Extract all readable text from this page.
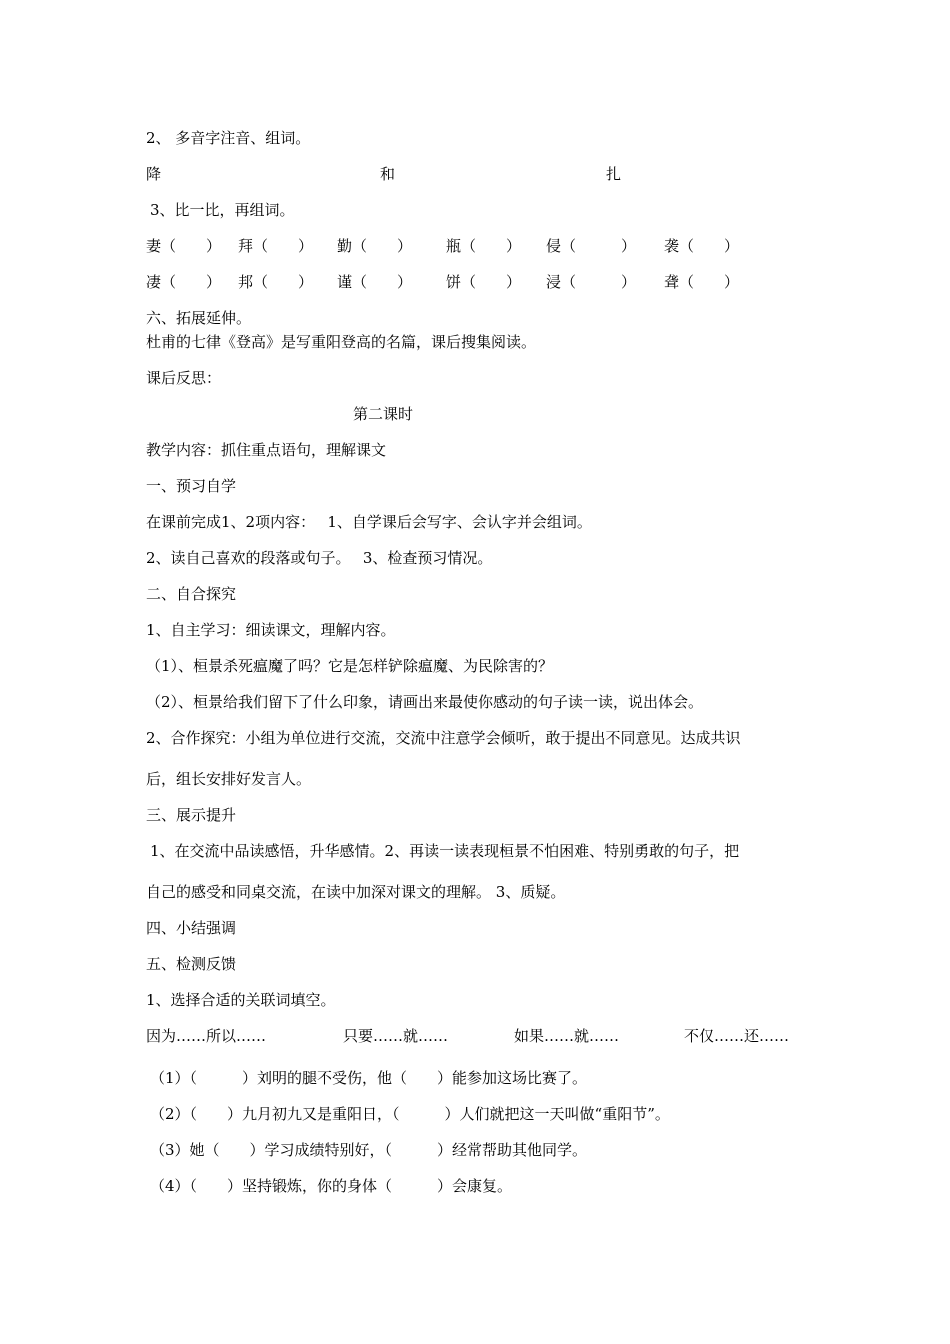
2、 多音字注音、组词。
降	和	扎
3、比一比，再组词。
妻（　　） 拜（　　） 勤（　　） 瓶（　　） 侵（　　　） 袭（　　）
凄（　　） 邦（　　） 谨（　　） 饼（　　） 浸（　　　） 聋（　　）
六、拓展延伸。
杜甫的七律《登高》是写重阳登高的名篇，课后搜集阅读。
课后反思：
第二课时
教学内容：抓住重点语句，理解课文
一、预习自学
在课前完成1、2项内容：　 1、自学课后会写字、会认字并会组词。
2、读自己喜欢的段落或句子。　 3、检查预习情况。
二、自合探究
1、自主学习：细读课文，理解内容。
（1）、桓景杀死瘟魔了吗？它是怎样铲除瘟魔、为民除害的？
（2）、桓景给我们留下了什么印象，请画出来最使你感动的句子读一读，说出体会。
2、合作探究：小组为单位进行交流，交流中注意学会倾听，敢于提出不同意见。达成共识
后，组长安排好发言人。
三、展示提升
1、在交流中品读感悟，升华感情。2、再读一读表现桓景不怕困难、特别勇敢的句子，把
自己的感受和同桌交流，在读中加深对课文的理解。 3、质疑。
四、小结强调
五、检测反馈
1、选择合适的关联词填空。
因为……所以……	只要……就……	如果……就……	不仅……还……
（1）（　　　）刘明的腿不受伤，他（　　）能参加这场比赛了。
（2）（　　）九月初九又是重阳日，（　　　）人们就把这一天叫做“重阳节”。
（3）她（　　）学习成绩特别好，（　　　）经常帮助其他同学。
（4）（　　）坚持锻炼，你的身体（　　　）会康复。
